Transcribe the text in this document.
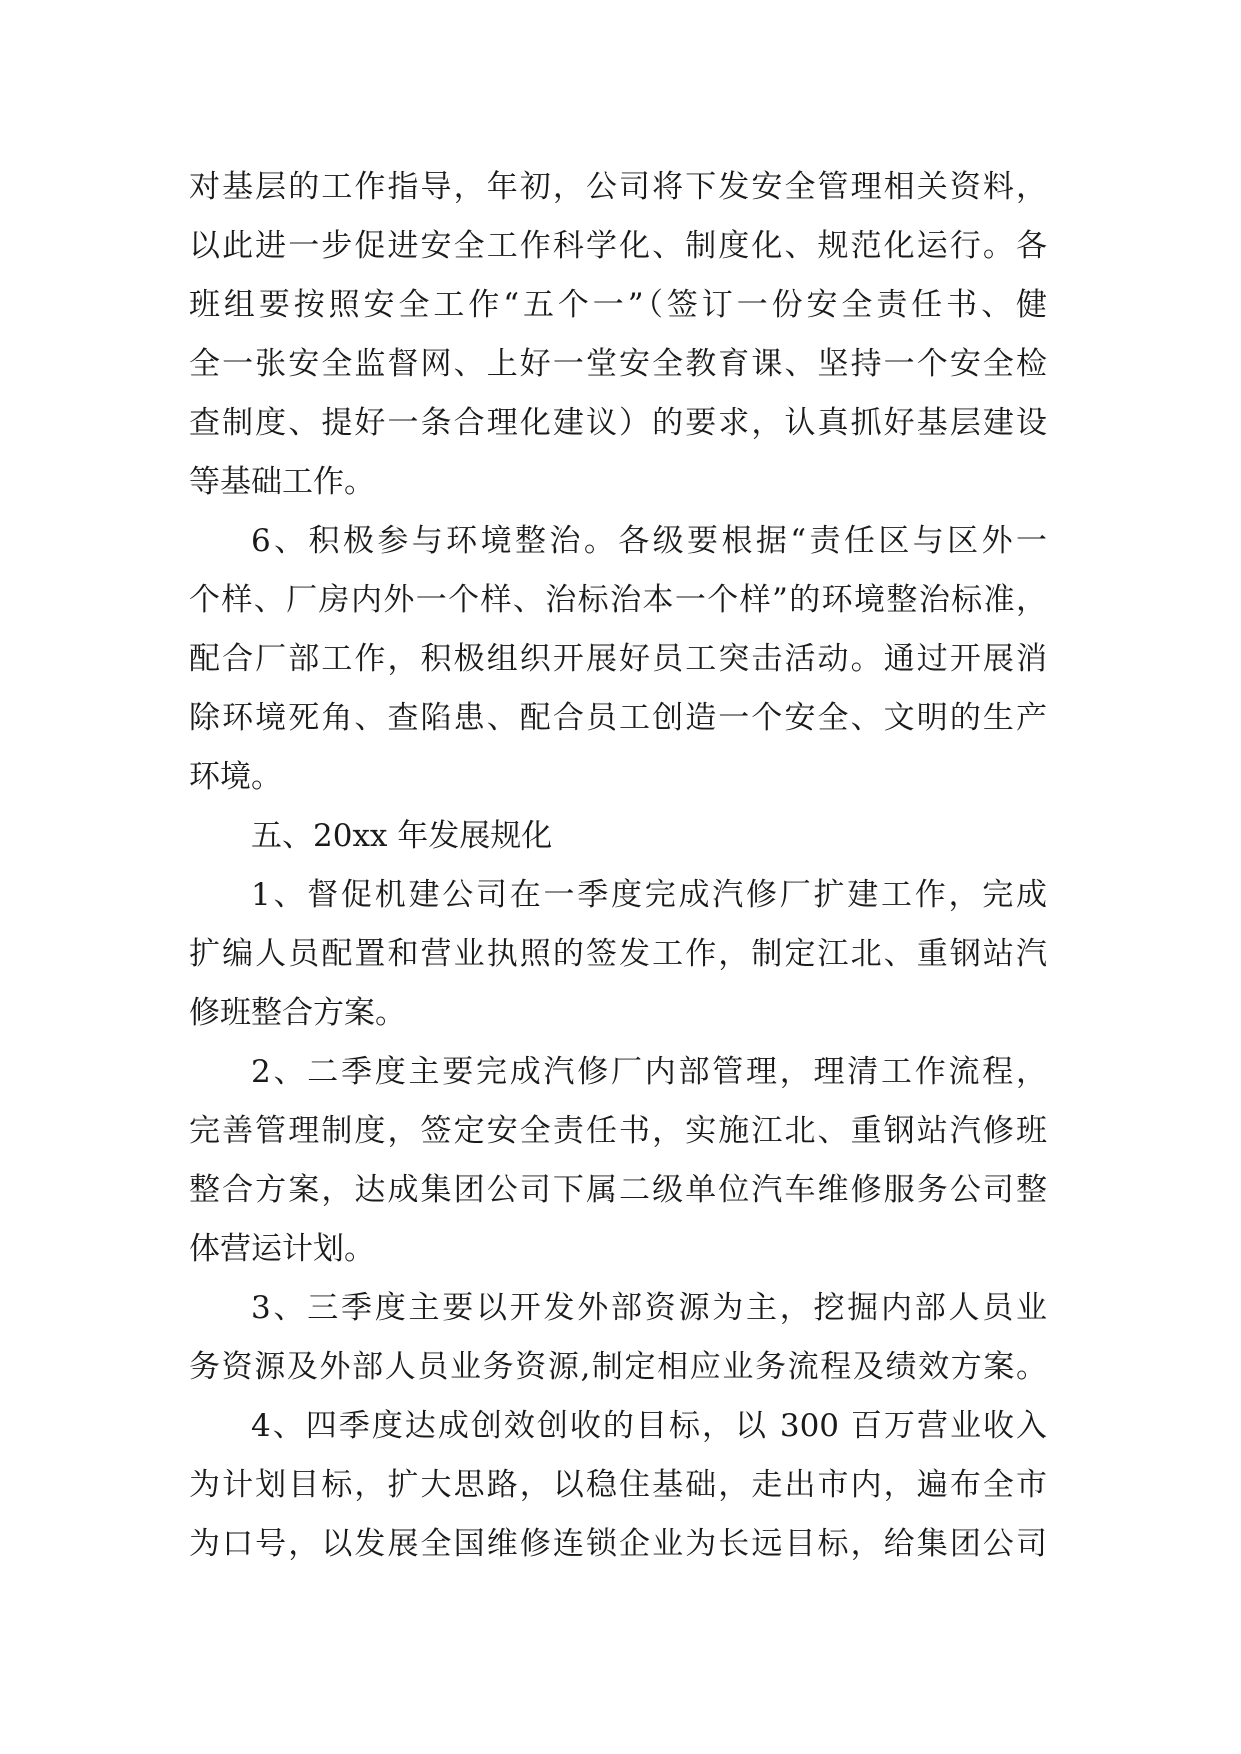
对基层的工作指导，年初，公司将下发安全管理相关资料，
以此进一步促进安全工作科学化、制度化、规范化运行。各
班组要按照安全工作“五个一”（签订一份安全责任书、健
全一张安全监督网、上好一堂安全教育课、坚持一个安全检
查制度、提好一条合理化建议）的要求，认真抓好基层建设
等基础工作。
6、积极参与环境整治。各级要根据“责任区与区外一
个样、厂房内外一个样、治标治本一个样”的环境整治标准，
配合厂部工作，积极组织开展好员工突击活动。通过开展消
除环境死角、查陷患、配合员工创造一个安全、文明的生产
环境。
五、20xx 年发展规化
1、督促机建公司在一季度完成汽修厂扩建工作，完成
扩编人员配置和营业执照的签发工作，制定江北、重钢站汽
修班整合方案。
2、二季度主要完成汽修厂内部管理，理清工作流程，
完善管理制度，签定安全责任书，实施江北、重钢站汽修班
整合方案，达成集团公司下属二级单位汽车维修服务公司整
体营运计划。
3、三季度主要以开发外部资源为主，挖掘内部人员业
务资源及外部人员业务资源,制定相应业务流程及绩效方案。
4、四季度达成创效创收的目标，以 300 百万营业收入
为计划目标，扩大思路，以稳住基础，走出市内，遍布全市
为口号，以发展全国维修连锁企业为长远目标，给集团公司
